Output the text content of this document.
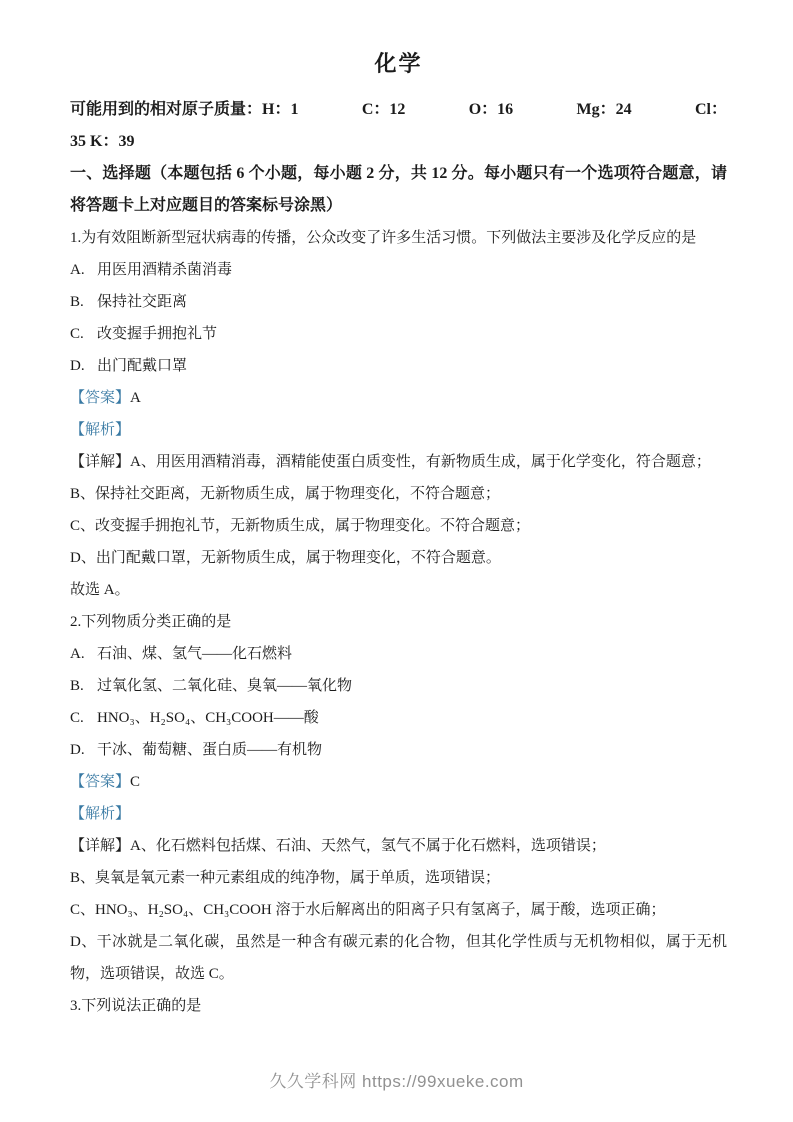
化学
可能用到的相对原子质量：H：1	C：12	O：16	Mg：24	Cl：

35 K：39

一、选择题（本题包括 6 个小题，每小题 2 分，共 12 分。每小题只有一个选项符合题意，请将答题卡上对应题目的答案标号涂黑）

1.为有效阻断新型冠状病毒的传播，公众改变了许多生活习惯。下列做法主要涉及化学反应的是

A. 用医用酒精杀菌消毒

B. 保持社交距离

C. 改变握手拥抱礼节

D. 出门配戴口罩

【答案】A

【解析】

【详解】A、用医用酒精消毒，酒精能使蛋白质变性，有新物质生成，属于化学变化，符合题意；

B、保持社交距离，无新物质生成，属于物理变化，不符合题意；

C、改变握手拥抱礼节，无新物质生成，属于物理变化。不符合题意；

D、出门配戴口罩，无新物质生成，属于物理变化，不符合题意。

故选 A。

2.下列物质分类正确的是

A. 石油、煤、氢气——化石燃料

B. 过氧化氢、二氧化硅、臭氧——氧化物

C. HNO₃、H₂SO₄、CH₃COOH——酸

D. 干冰、葡萄糖、蛋白质——有机物

【答案】C

【解析】

【详解】A、化石燃料包括煤、石油、天然气，氢气不属于化石燃料，选项错误；

B、臭氧是氧元素一种元素组成的纯净物，属于单质，选项错误；

C、HNO₃、H₂SO₄、CH₃COOH 溶于水后解离出的阳离子只有氢离子，属于酸，选项正确；

D、干冰就是二氧化碳，虽然是一种含有碳元素的化合物，但其化学性质与无机物相似，属于无机物，选项错误，故选 C。

3.下列说法正确的是

久久学科网 https://99xueke.com
